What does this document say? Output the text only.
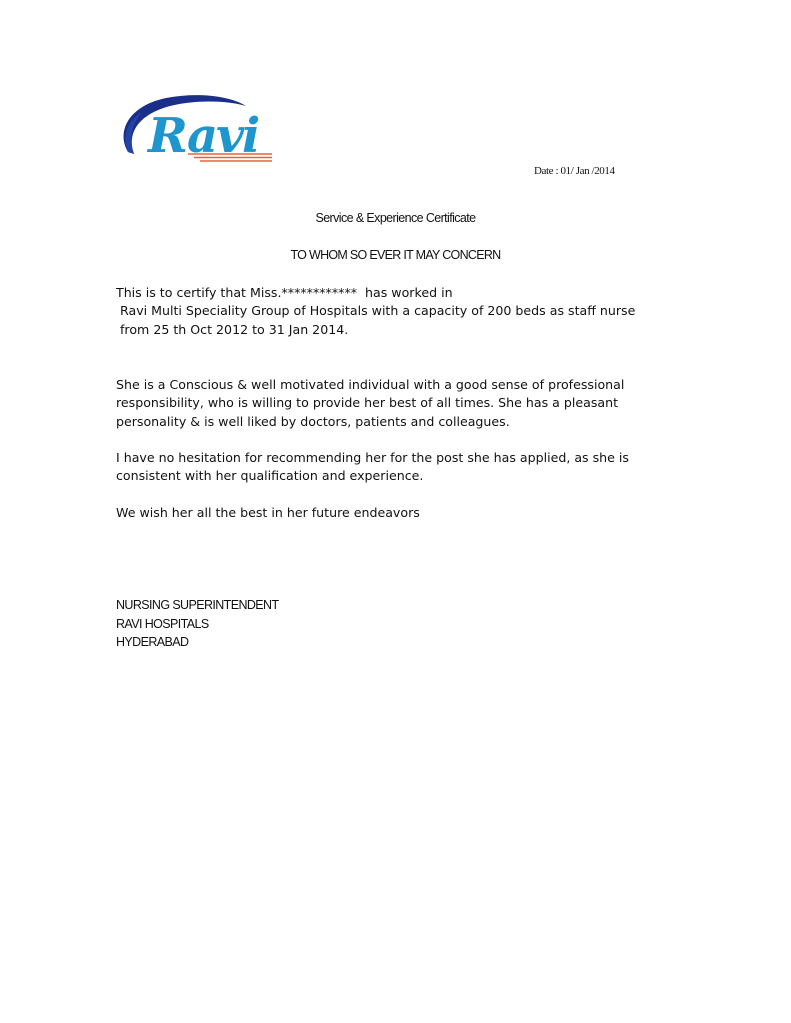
Ravi
Date : 01/ Jan /2014
Service & Experience Certificate
TO WHOM SO EVER IT MAY CONCERN
This is to certify that Miss.************  has worked in
Ravi Multi Speciality Group of Hospitals with a capacity of 200 beds as staff nurse
from 25 th Oct 2012 to 31 Jan 2014.
She is a Conscious & well motivated individual with a good sense of professional
responsibility, who is willing to provide her best of all times. She has a pleasant
personality & is well liked by doctors, patients and colleagues.
I have no hesitation for recommending her for the post she has applied, as she is
consistent with her qualification and experience.
We wish her all the best in her future endeavors
NURSING SUPERINTENDENT
RAVI HOSPITALS
HYDERABAD
